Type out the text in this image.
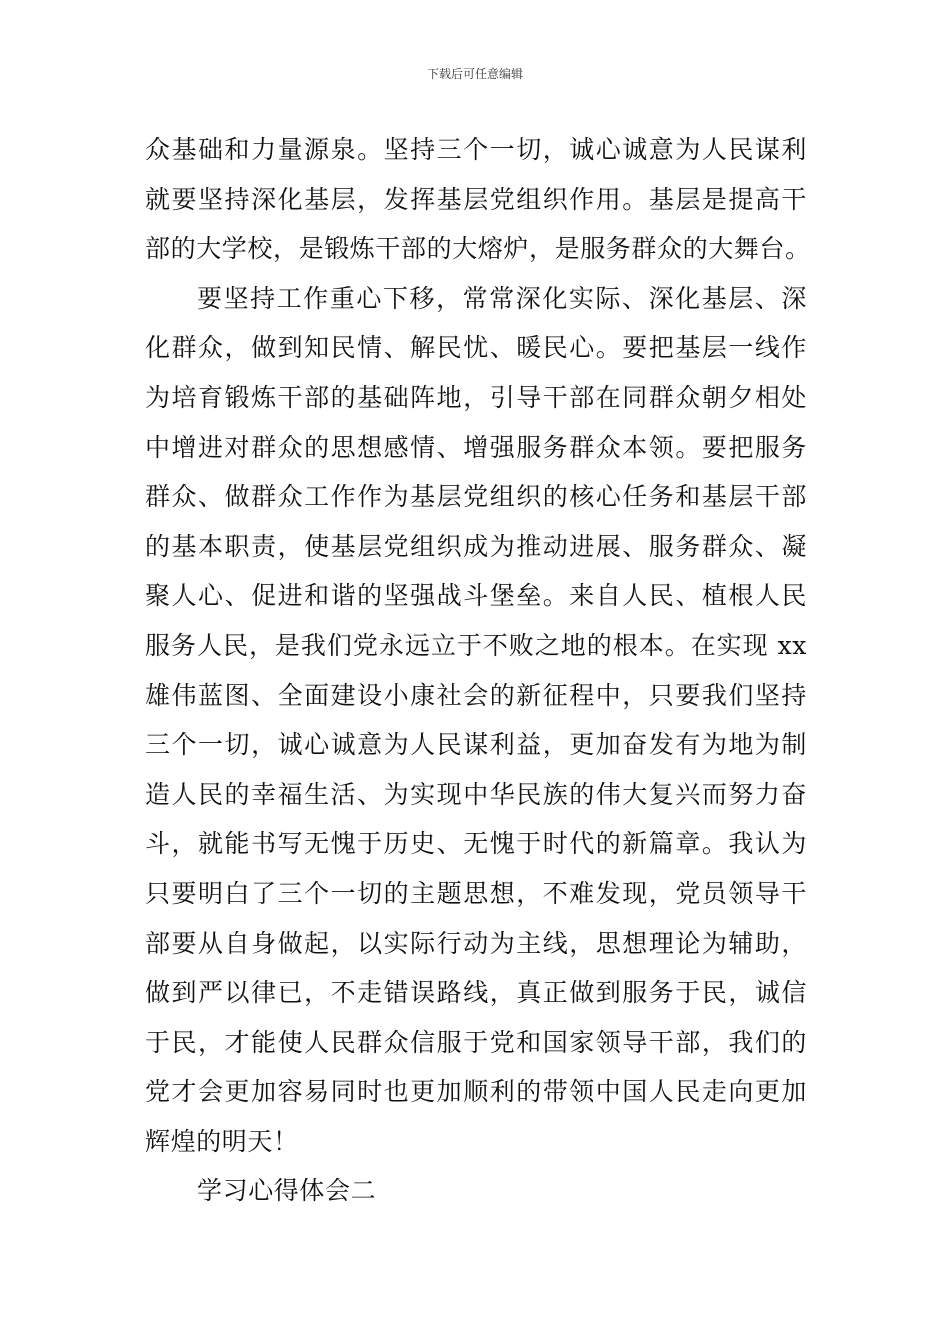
下载后可任意编辑
众基础和力量源泉。坚持三个一切，诚心诚意为人民谋利
就要坚持深化基层，发挥基层党组织作用。基层是提高干
部的大学校，是锻炼干部的大熔炉，是服务群众的大舞台。
要坚持工作重心下移，常常深化实际、深化基层、深
化群众，做到知民情、解民忧、暖民心。要把基层一线作
为培育锻炼干部的基础阵地，引导干部在同群众朝夕相处
中增进对群众的思想感情、增强服务群众本领。要把服务
群众、做群众工作作为基层党组织的核心任务和基层干部
的基本职责，使基层党组织成为推动进展、服务群众、凝
聚人心、促进和谐的坚强战斗堡垒。来自人民、植根人民
服务人民，是我们党永远立于不败之地的根本。在实现 xx
雄伟蓝图、全面建设小康社会的新征程中，只要我们坚持
三个一切，诚心诚意为人民谋利益，更加奋发有为地为制
造人民的幸福生活、为实现中华民族的伟大复兴而努力奋
斗，就能书写无愧于历史、无愧于时代的新篇章。我认为
只要明白了三个一切的主题思想，不难发现，党员领导干
部要从自身做起，以实际行动为主线，思想理论为辅助，
做到严以律已，不走错误路线，真正做到服务于民，诚信
于民，才能使人民群众信服于党和国家领导干部，我们的
党才会更加容易同时也更加顺利的带领中国人民走向更加
辉煌的明天！
学习心得体会二
